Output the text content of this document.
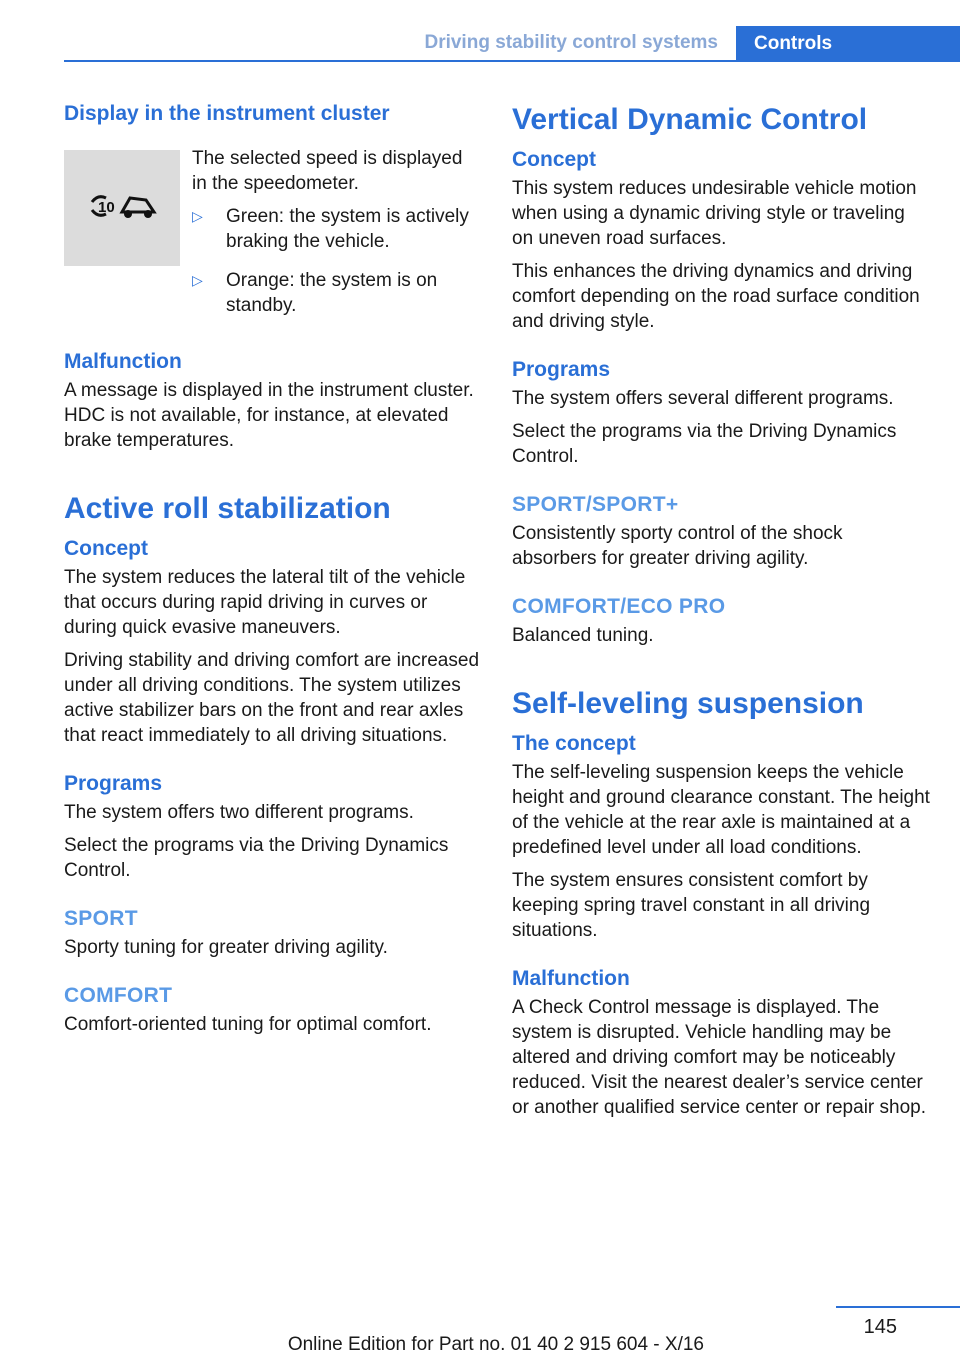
Driving stability control systems	Controls
Display in the instrument cluster
10
The selected speed is displayed in the speedometer.
▷	Green: the system is actively braking the vehicle.
▷	Orange: the system is on standby.
Malfunction
A message is displayed in the instrument cluster. HDC is not available, for instance, at elevated brake temperatures.
Active roll stabilization
Concept
The system reduces the lateral tilt of the vehicle that occurs during rapid driving in curves or during quick evasive maneuvers.
Driving stability and driving comfort are increased under all driving conditions. The system utilizes active stabilizer bars on the front and rear axles that react immediately to all driving situations.
Programs
The system offers two different programs.
Select the programs via the Driving Dynamics Control.
SPORT
Sporty tuning for greater driving agility.
COMFORT
Comfort-oriented tuning for optimal comfort.
Vertical Dynamic Control
Concept
This system reduces undesirable vehicle motion when using a dynamic driving style or traveling on uneven road surfaces.
This enhances the driving dynamics and driving comfort depending on the road surface condition and driving style.
Programs
The system offers several different programs.
Select the programs via the Driving Dynamics Control.
SPORT/SPORT+
Consistently sporty control of the shock absorbers for greater driving agility.
COMFORT/ECO PRO
Balanced tuning.
Self-leveling suspension
The concept
The self-leveling suspension keeps the vehicle height and ground clearance constant. The height of the vehicle at the rear axle is maintained at a predefined level under all load conditions.
The system ensures consistent comfort by keeping spring travel constant in all driving situations.
Malfunction
A Check Control message is displayed. The system is disrupted. Vehicle handling may be altered and driving comfort may be noticeably reduced. Visit the nearest dealer’s service center or another qualified service center or repair shop.
145
Online Edition for Part no. 01 40 2 915 604 - X/16
